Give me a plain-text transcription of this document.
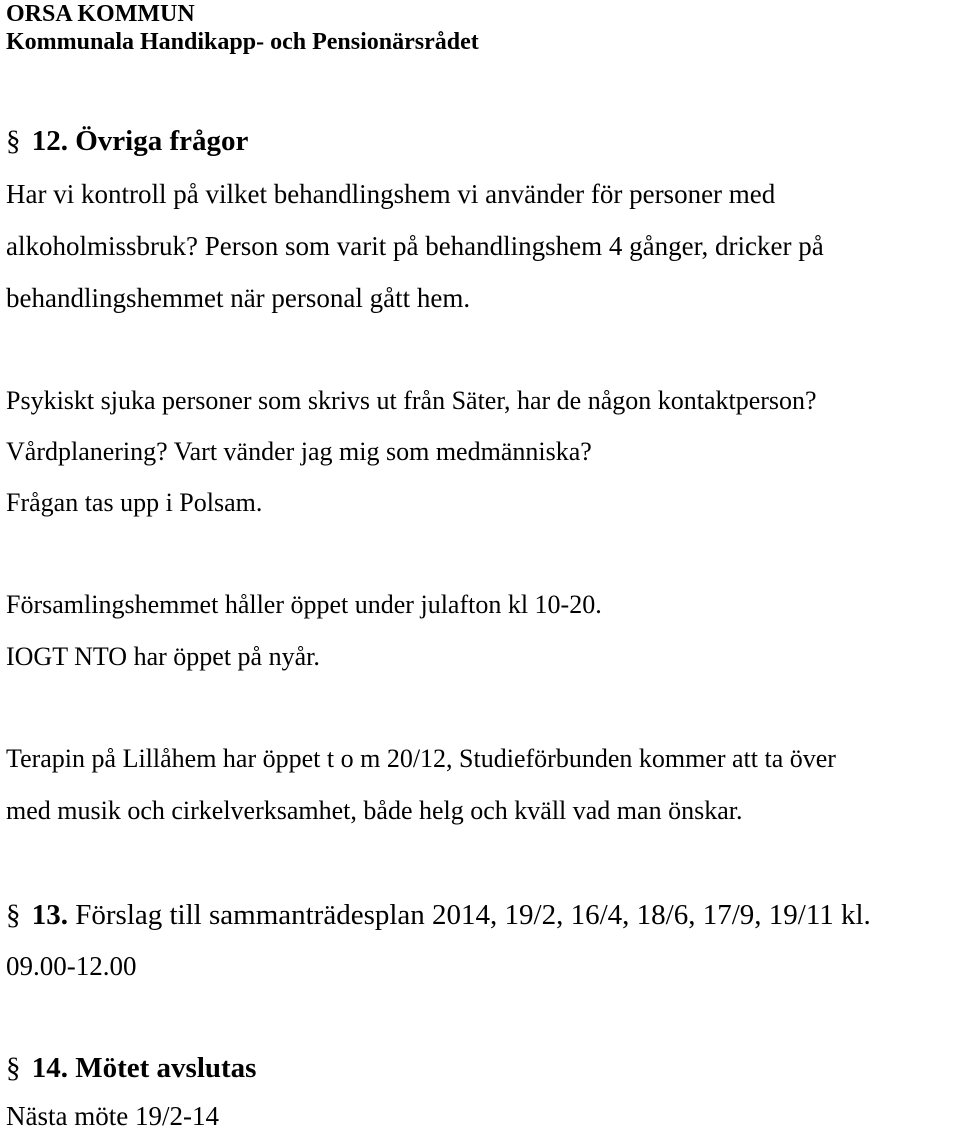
ORSA KOMMUN
Kommunala Handikapp- och Pensionärsrådet
§ 12. Övriga frågor
Har vi kontroll på vilket behandlingshem vi använder för personer med
alkoholmissbruk? Person som varit på behandlingshem 4 gånger, dricker på
behandlingshemmet när personal gått hem.
Psykiskt sjuka personer som skrivs ut från Säter, har de någon kontaktperson?
Vårdplanering? Vart vänder jag mig som medmänniska?
Frågan tas upp i Polsam.
Församlingshemmet håller öppet under julafton kl 10-20.
IOGT NTO har öppet på nyår.
Terapin på Lillåhem har öppet t o m 20/12, Studieförbunden kommer att ta över
med musik och cirkelverksamhet, både helg och kväll vad man önskar.
§ 13. Förslag till sammanträdesplan 2014, 19/2, 16/4, 18/6, 17/9, 19/11 kl.
09.00-12.00
§ 14. Mötet avslutas
Nästa möte 19/2-14
